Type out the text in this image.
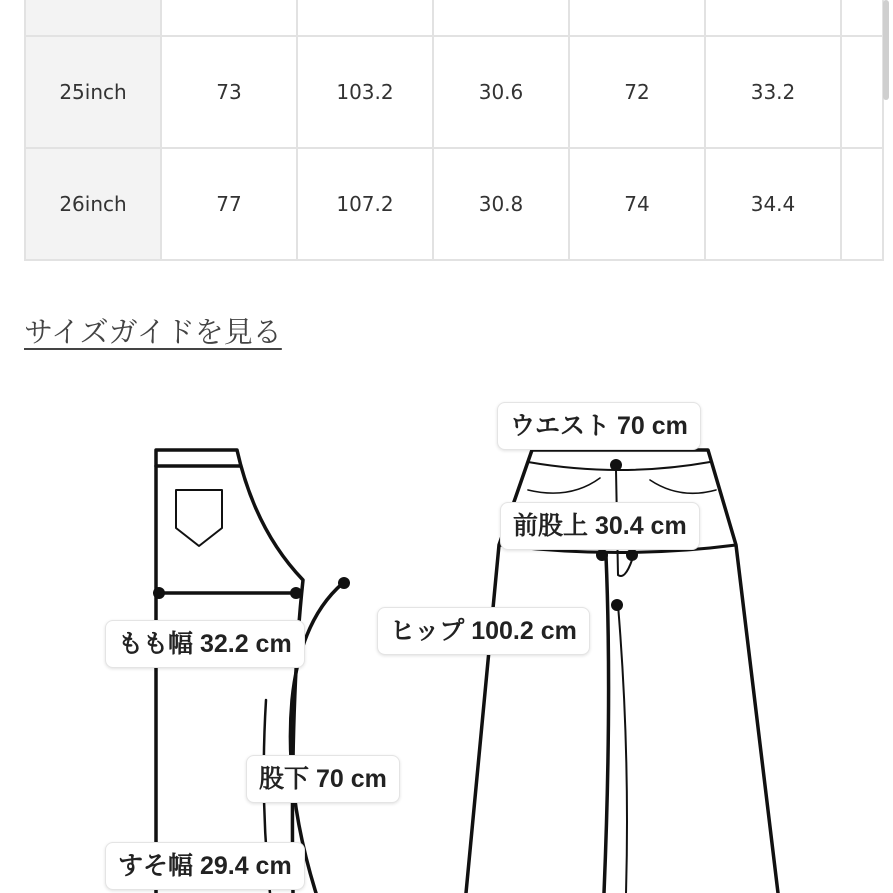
25inch	73	103.2	30.6	72	33.2	
26inch	77	107.2	30.8	74	34.4	
サイズガイドを見る
ウエスト 70 cm
前股上 30.4 cm
ヒップ 100.2 cm
もも幅 32.2 cm
股下 70 cm
すそ幅 29.4 cm
